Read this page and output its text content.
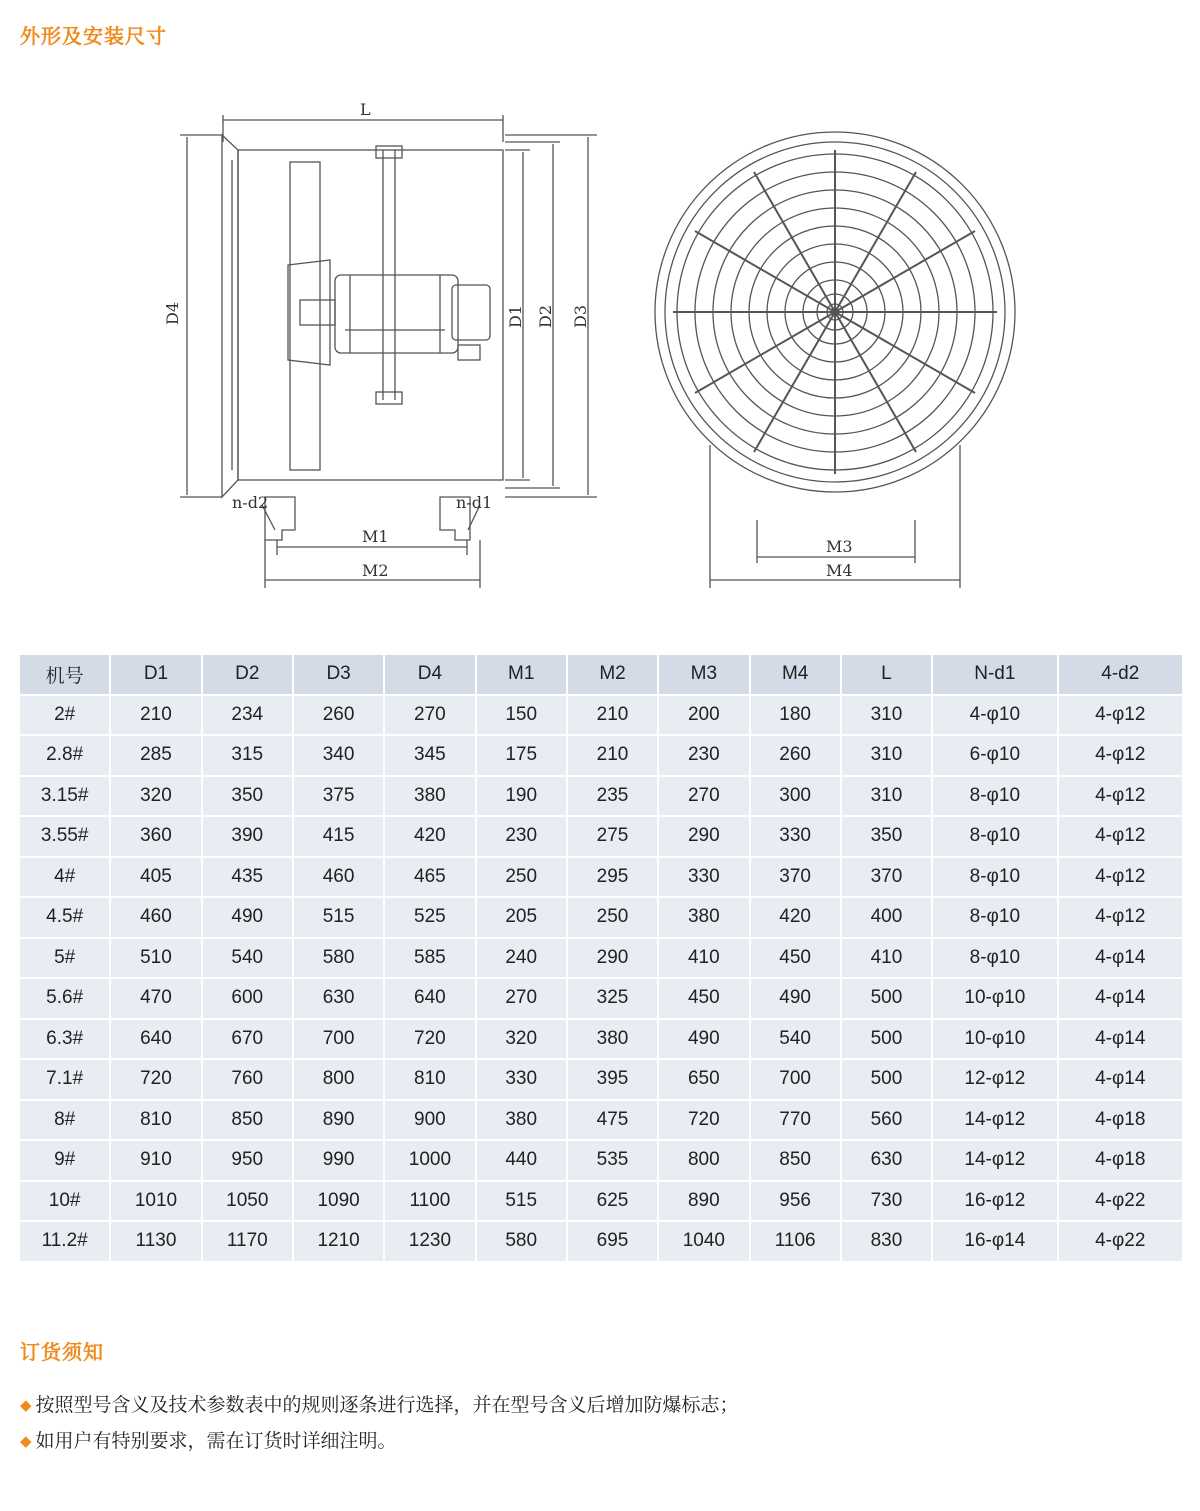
外形及安装尺寸
L
D4	D1 D2 D3
M1
M2
n-d2	n-d1
M3
M4
机号	D1	D2	D3	D4	M1	M2	M3	M4	L	N-d1	4-d2
2#	210	234	260	270	150	210	200	180	310	4-φ10	4-φ12
2.8#	285	315	340	345	175	210	230	260	310	6-φ10	4-φ12
3.15#	320	350	375	380	190	235	270	300	310	8-φ10	4-φ12
3.55#	360	390	415	420	230	275	290	330	350	8-φ10	4-φ12
4#	405	435	460	465	250	295	330	370	370	8-φ10	4-φ12
4.5#	460	490	515	525	205	250	380	420	400	8-φ10	4-φ12
5#	510	540	580	585	240	290	410	450	410	8-φ10	4-φ14
5.6#	470	600	630	640	270	325	450	490	500	10-φ10	4-φ14
6.3#	640	670	700	720	320	380	490	540	500	10-φ10	4-φ14
7.1#	720	760	800	810	330	395	650	700	500	12-φ12	4-φ14
8#	810	850	890	900	380	475	720	770	560	14-φ12	4-φ18
9#	910	950	990	1000	440	535	800	850	630	14-φ12	4-φ18
10#	1010	1050	1090	1100	515	625	890	956	730	16-φ12	4-φ22
11.2#	1130	1170	1210	1230	580	695	1040	1106	830	16-φ14	4-φ22
订货须知
◆ 按照型号含义及技术参数表中的规则逐条进行选择，并在型号含义后增加防爆标志；
◆ 如用户有特别要求，需在订货时详细注明。
